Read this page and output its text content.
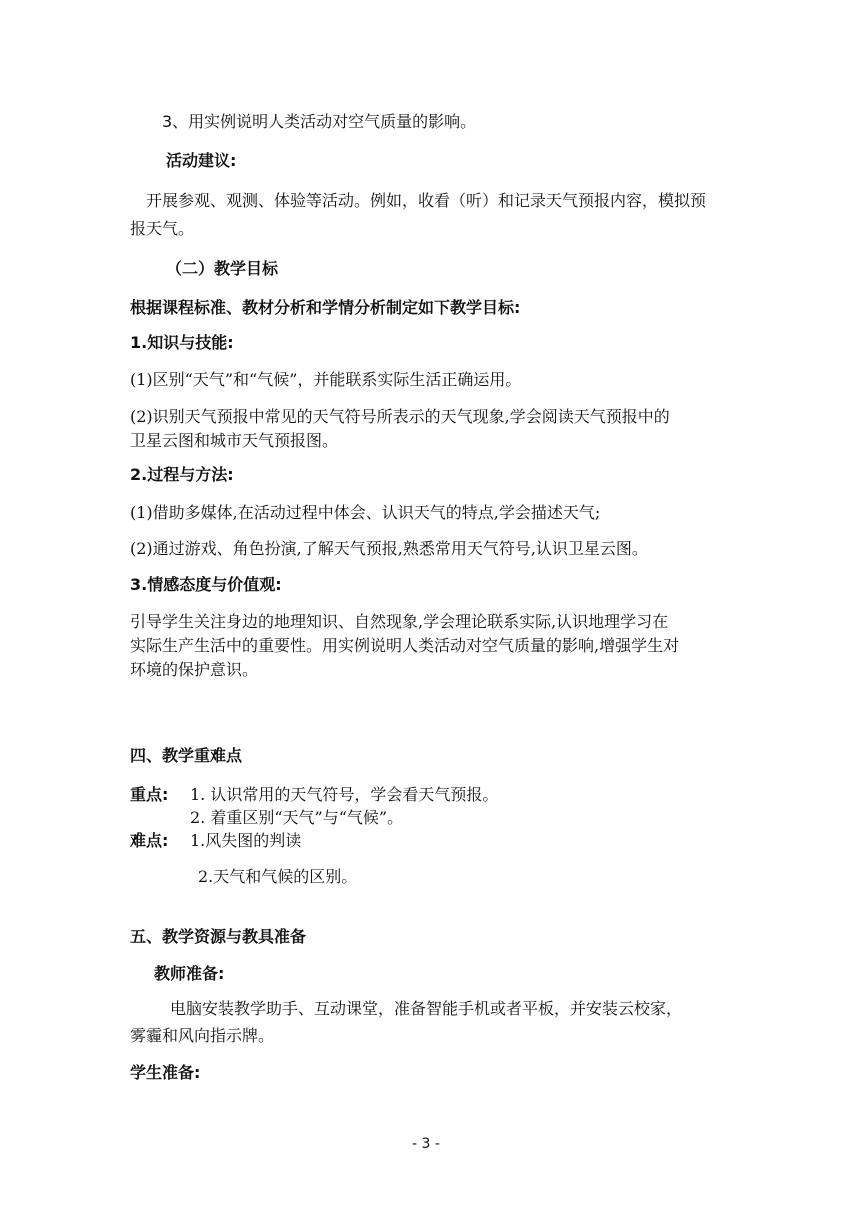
3、用实例说明人类活动对空气质量的影响。
活动建议:
开展参观、观测、体验等活动。例如，收看（听）和记录天气预报内容，模拟预
报天气。
（二）教学目标
根据课程标准、教材分析和学情分析制定如下教学目标:
1.知识与技能:
(1)区别“天气”和“气候”，并能联系实际生活正确运用。
(2)识别天气预报中常见的天气符号所表示的天气现象,学会阅读天气预报中的
卫星云图和城市天气预报图。
2.过程与方法:
(1)借助多媒体,在活动过程中体会、认识天气的特点,学会描述天气;
(2)通过游戏、角色扮演,了解天气预报,熟悉常用天气符号,认识卫星云图。
3.情感态度与价值观:
引导学生关注身边的地理知识、自然现象,学会理论联系实际,认识地理学习在
实际生产生活中的重要性。用实例说明人类活动对空气质量的影响,增强学生对
环境的保护意识。
四、教学重难点
重点: 1. 认识常用的天气符号，学会看天气预报。
2. 着重区别“天气”与“气候”。
难点: 1.风失图的判读
2.天气和气候的区别。
五、教学资源与教具准备
教师准备:
电脑安装教学助手、互动课堂，准备智能手机或者平板，并安装云校家，
雾霾和风向指示牌。
学生准备:
- 3 -
